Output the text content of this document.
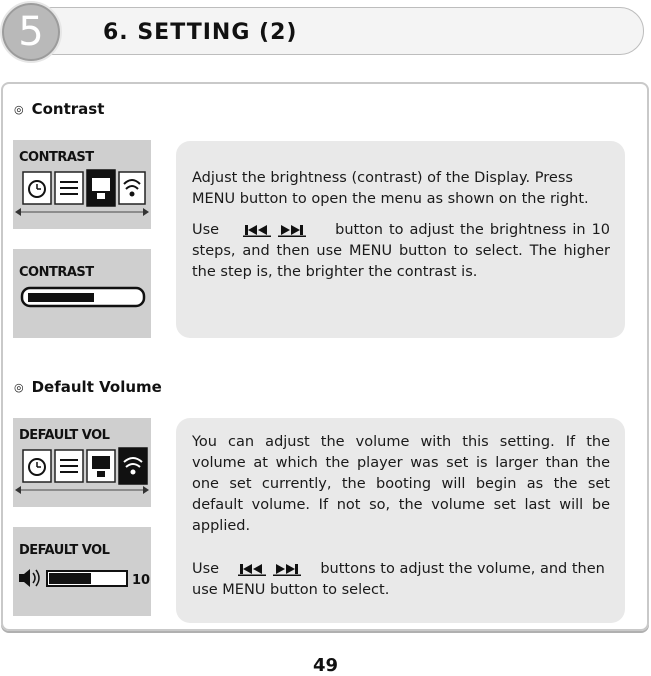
5	6. SETTING (2)
◎ Contrast
CONTRAST
CONTRAST

Adjust the brightness (contrast) of the Display. Press MENU button to open the menu as shown on the right.

Use	button to adjust the brightness in 10 steps, and then use MENU button to select. The higher the step is, the brighter the contrast is.

◎ Default Volume
DEFAULT VOL
DEFAULT VOL
10

You can adjust the volume with this setting. If the volume at which the player was set is larger than the one set currently, the booting will begin as the set default volume. If not so, the volume set last will be applied.

Use	buttons to adjust the volume, and then use MENU button to select.

49
